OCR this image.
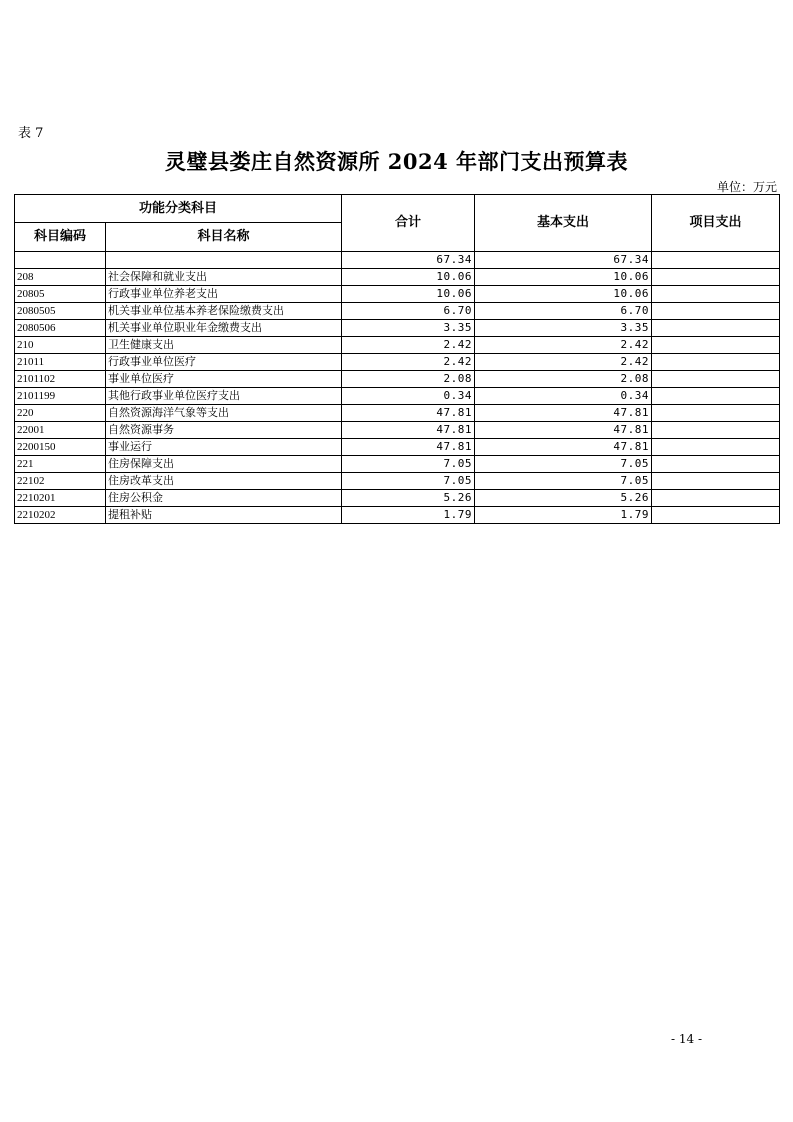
表 7
灵璧县娄庄自然资源所 2024 年部门支出预算表
单位：万元
功能分类科目		合计	基本支出	项目支出
科目编码	科目名称			
		67.34	67.34	
208	社会保障和就业支出	10.06	10.06	
20805	行政事业单位养老支出	10.06	10.06	
2080505	机关事业单位基本养老保险缴费支出	6.70	6.70	
2080506	机关事业单位职业年金缴费支出	3.35	3.35	
210	卫生健康支出	2.42	2.42	
21011	行政事业单位医疗	2.42	2.42	
2101102	事业单位医疗	2.08	2.08	
2101199	其他行政事业单位医疗支出	0.34	0.34	
220	自然资源海洋气象等支出	47.81	47.81	
22001	自然资源事务	47.81	47.81	
2200150	事业运行	47.81	47.81	
221	住房保障支出	7.05	7.05	
22102	住房改革支出	7.05	7.05	
2210201	住房公积金	5.26	5.26	
2210202	提租补贴	1.79	1.79	
- 14 -
